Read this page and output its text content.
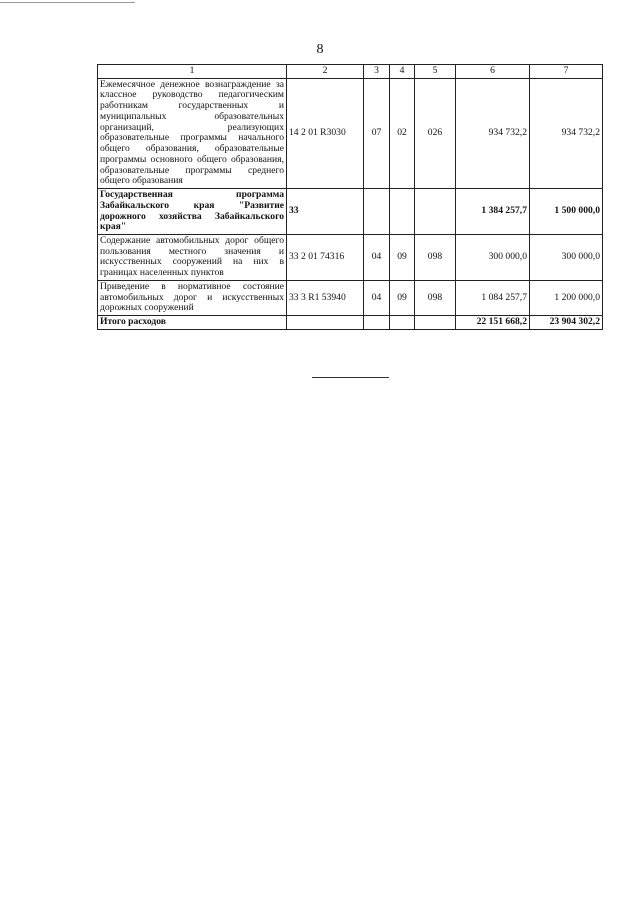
8
1	2	3	4	5	6	7
Ежемесячное денежное вознаграждение за классное руководство педагогическим работникам государственных и муниципальных образовательных организаций, реализующих образовательные программы начального общего образования, образовательные программы основного общего образования, образовательные программы среднего общего образования	14 2 01 R3030	07	02	026	934 732,2	934 732,2
Государственная программа Забайкальского края "Развитие дорожного хозяйства Забайкальского края"	33				1 384 257,7	1 500 000,0
Содержание автомобильных дорог общего пользования местного значения и искусственных сооружений на них в границах населенных пунктов	33 2 01 74316	04	09	098	300 000,0	300 000,0
Приведение в нормативное состояние автомобильных дорог и искусственных дорожных сооружений	33 3 R1 53940	04	09	098	1 084 257,7	1 200 000,0
Итого расходов					22 151 668,2	23 904 302,2
